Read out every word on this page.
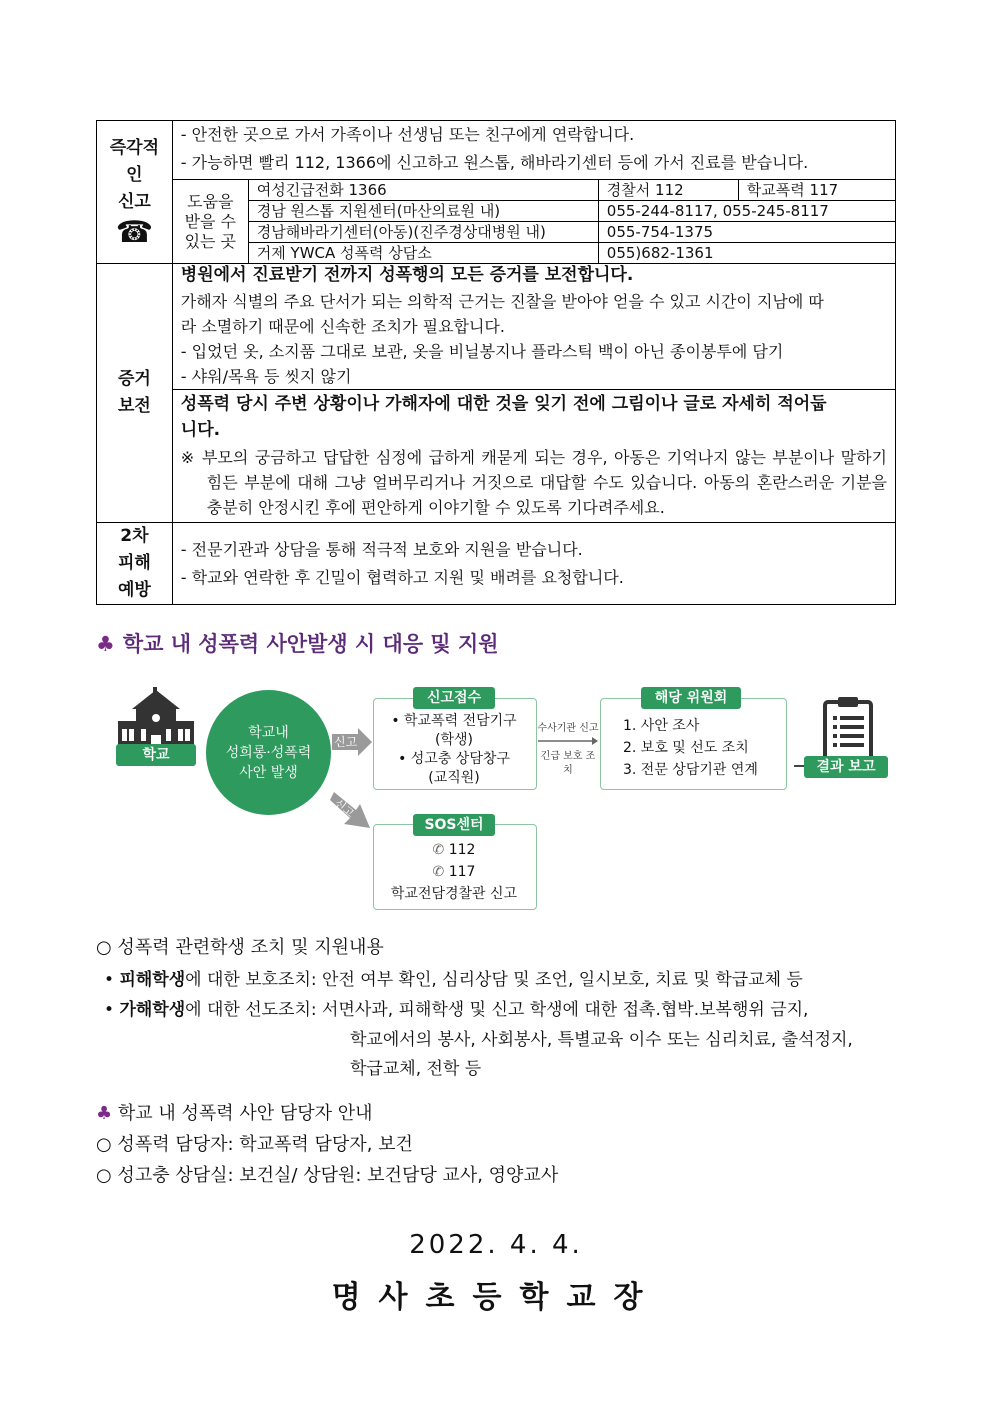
즉각적
인
신고
☎

- 안전한 곳으로 가서 가족이나 선생님 또는 친구에게 연락합니다.
- 가능하면 빨리 112, 1366에 신고하고 원스톱, 해바라기센터 등에 가서 진료를 받습니다.
도움을
받을 수
있는 곳
	여성긴급전화 1366	경찰서 112	학교폭력 117
경남 원스톱 지원센터(마산의료원 내)	055-244-8117, 055-245-8117
경남해바라기센터(아동)(진주경상대병원 내)	055-754-1375
거제 YWCA 성폭력 상담소	055)682-1361

증거
보전

병원에서 진료받기 전까지 성폭행의 모든 증거를 보전합니다.
가해자 식별의 주요 단서가 되는 의학적 근거는 진찰을 받아야 얻을 수 있고 시간이 지남에 따
라 소멸하기 때문에 신속한 조치가 필요합니다.
- 입었던 옷, 소지품 그대로 보관, 옷을 비닐봉지나 플라스틱 백이 아닌 종이봉투에 담기
- 샤워/목욕 등 씻지 않기
성폭력 당시 주변 상황이나 가해자에 대한 것을 잊기 전에 그림이나 글로 자세히 적어둡
니다.
※ 부모의 궁금하고 답답한 심정에 급하게 캐묻게 되는 경우, 아동은 기억나지 않는 부분이나 말하기 힘든 부분에 대해 그냥 얼버무리거나 거짓으로 대답할 수도 있습니다. 아동의 혼란스러운 기분을 충분히 안정시킨 후에 편안하게 이야기할 수 있도록 기다려주세요.

2차
피해
예방

- 전문기관과 상담을 통해 적극적 보호와 지원을 받습니다.
- 학교와 연락한 후 긴밀이 협력하고 지원 및 배려를 요청합니다.
♣ 학교 내 성폭력 사안발생 시 대응 및 지원
학교
학교내
성희롱·성폭력
사안 발생
신고
신고
신고접수
• 학교폭력 전담기구
(학생)
• 성고충 상담창구
(교직원)
수사기관 신고
긴급 보호 조치
해당 위원회
1. 사안 조사
2. 보호 및 선도 조치
3. 전문 상담기관 연계	결과 보고
SOS센터
✆ 112
✆ 117
학교전담경찰관 신고
○ 성폭력 관련학생 조치 및 지원내용
• 피해학생에 대한 보호조치: 안전 여부 확인, 심리상담 및 조언, 일시보호, 치료 및 학급교체 등
• 가해학생에 대한 선도조치: 서면사과, 피해학생 및 신고 학생에 대한 접촉.협박.보복행위 금지,
학교에서의 봉사, 사회봉사, 특별교육 이수 또는 심리치료, 출석정지,
학급교체, 전학 등
♣ 학교 내 성폭력 사안 담당자 안내
○ 성폭력 담당자: 학교폭력 담당자, 보건
○ 성고충 상담실: 보건실/ 상담원: 보건담당 교사, 영양교사
2022. 4. 4.
명사초등학교장
